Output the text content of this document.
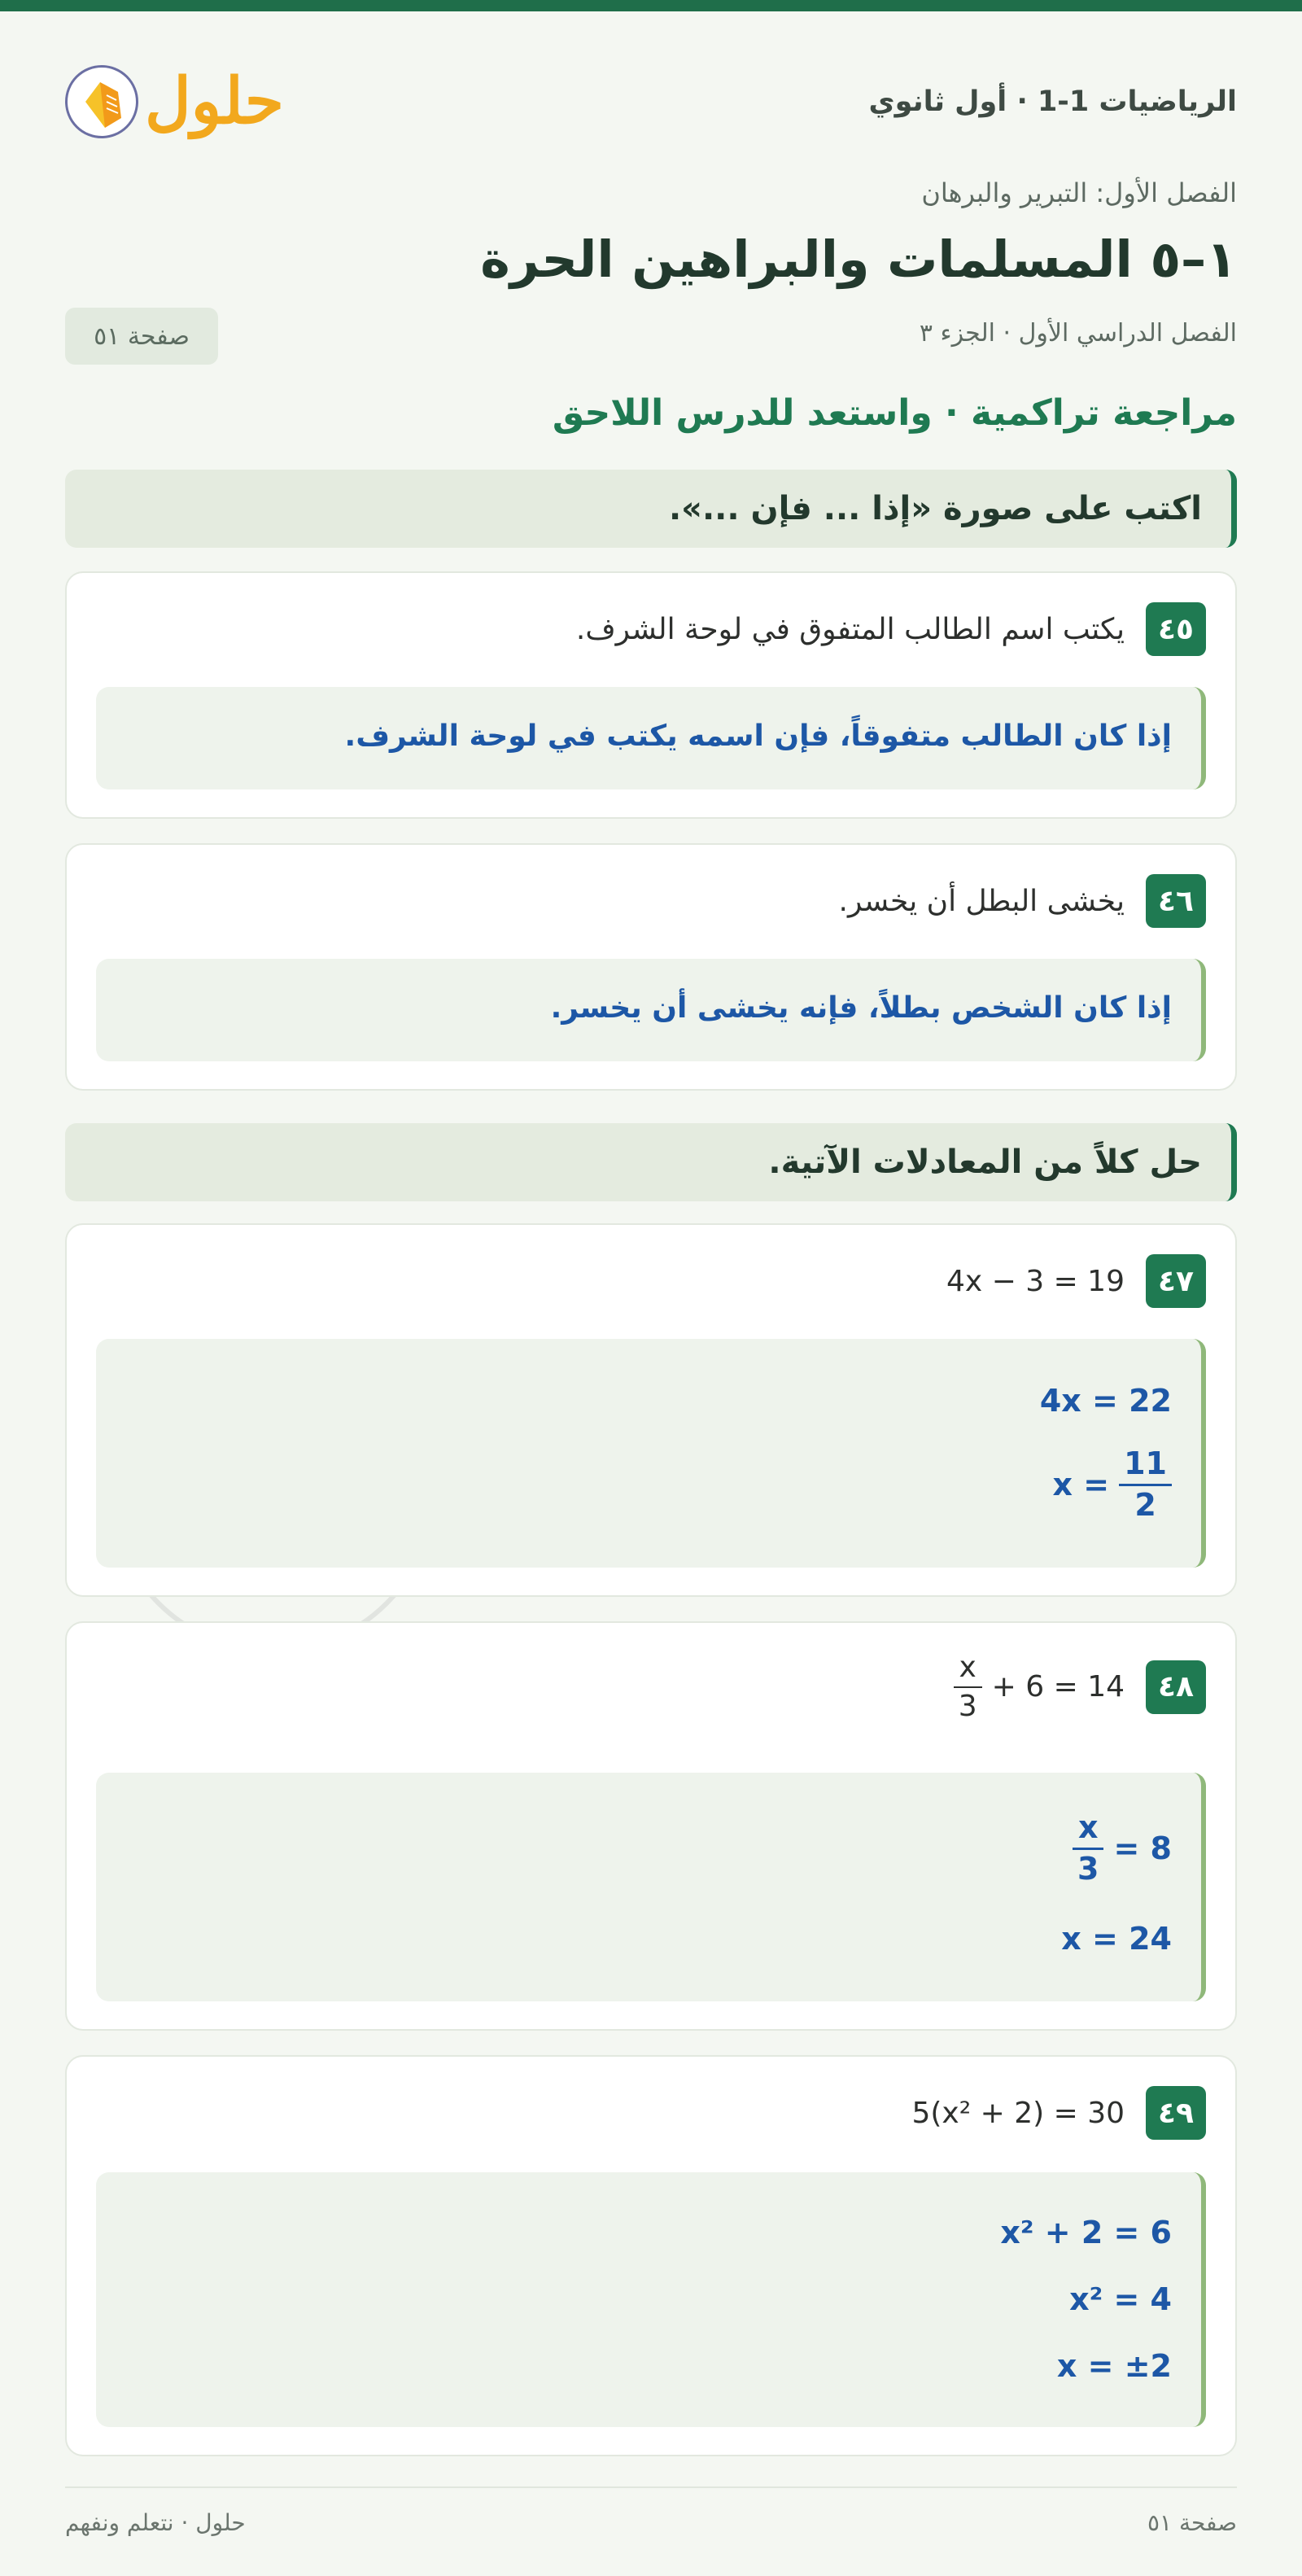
الرياضيات 1-1 · أول ثانوي
حلول
الفصل الأول: التبرير والبرهان
١–٥ المسلمات والبراهين الحرة
الفصل الدراسي الأول · الجزء ٣
صفحة ٥١
مراجعة تراكمية · واستعد للدرس اللاحق
اكتب على صورة «إذا ... فإن ...».
٤٥
يكتب اسم الطالب المتفوق في لوحة الشرف.
إذا كان الطالب متفوقاً، فإن اسمه يكتب في لوحة الشرف.
٤٦
يخشى البطل أن يخسر.
إذا كان الشخص بطلاً، فإنه يخشى أن يخسر.
حل كلاً من المعادلات الآتية.
٤٧
4x − 3 = 19
4x = 22
$x = \frac{11}{2}$
٤٨
$\frac{x}{3} + 6 = 14$
$\frac{x}{3} = 8$
x = 24
٤٩
5(x² + 2) = 30
x² + 2 = 6
x² = 4
x = ±2
حلول · نتعلم ونفهم	صفحة ٥١
